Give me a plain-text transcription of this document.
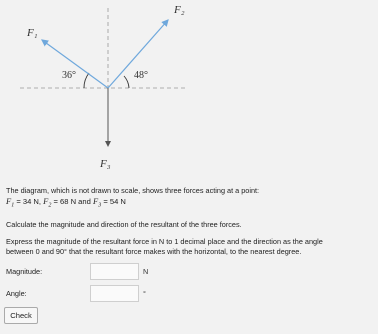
F₁
F₂
F₃
36°	48°
The diagram, which is not drawn to scale, shows three forces acting at a point:
$F_1 = 34$ N, $F_2 = 68$ N and $F_3 = 54$ N
Calculate the magnitude and direction of the resultant of the three forces.
Express the magnitude of the resultant force in N to 1 decimal place and the direction as the angle
between 0 and 90° that the resultant force makes with the horizontal, to the nearest degree.
Magnitude:	N
Angle:	°
Check
